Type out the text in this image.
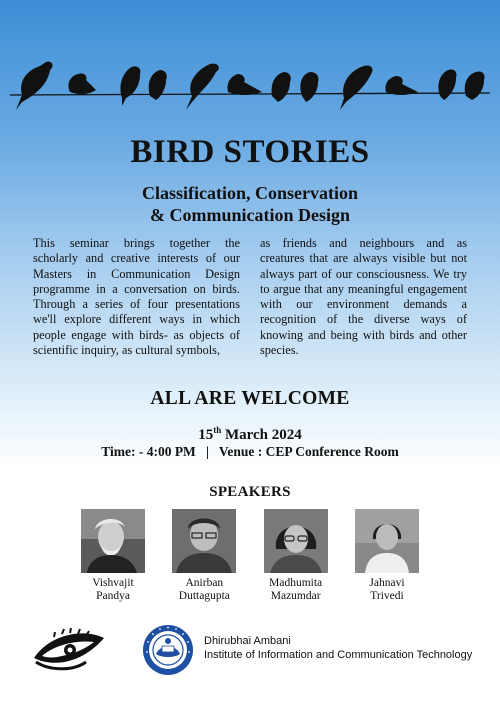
BIRD STORIES
Classification, Conservation
& Communication Design
This seminar brings together the scholarly and creative interests of our Masters in Communication Design programme in a conversation on birds. Through a series of four presentations we'll explore different ways in which people engage with birds- as objects of scientific inquiry, as cultural symbols,
as friends and neighbours and as creatures that are always visible but not always part of our consciousness. We try to argue that any meaningful engagement with our environment demands a recognition of the diverse ways of knowing and being with birds and other species.
ALL ARE WELCOME
15th March 2024
Time: - 4:00 PM | Venue : CEP Conference Room
SPEAKERS
Vishvajit
Pandya
Anirban
Duttagupta
Madhumita
Mazumdar
Jahnavi
Trivedi
Dhirubhai Ambani
Institute of Information and Communication Technology
